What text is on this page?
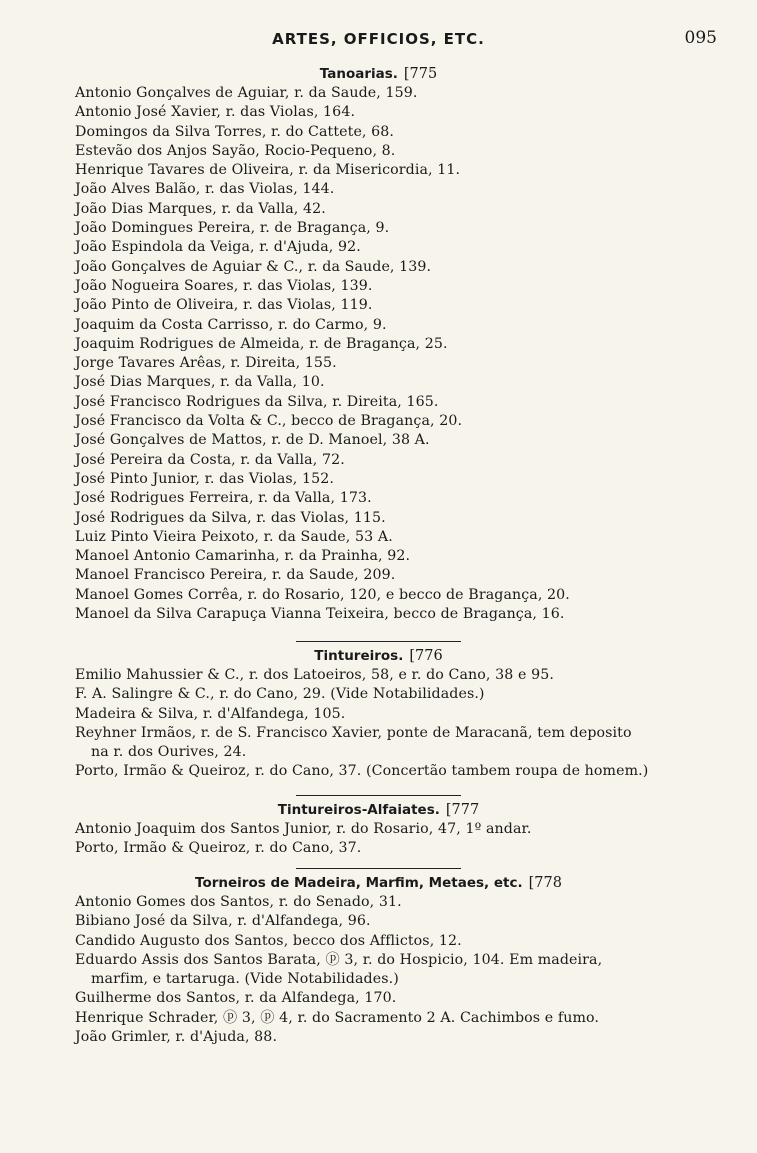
ARTES, OFFICIOS, ETC.	095
Tanoarias. [775
Antonio Gonçalves de Aguiar, r. da Saude, 159.
Antonio José Xavier, r. das Violas, 164.
Domingos da Silva Torres, r. do Cattete, 68.
Estevão dos Anjos Sayão, Rocio-Pequeno, 8.
Henrique Tavares de Oliveira, r. da Misericordia, 11.
João Alves Balão, r. das Violas, 144.
João Dias Marques, r. da Valla, 42.
João Domingues Pereira, r. de Bragança, 9.
João Espindola da Veiga, r. d'Ajuda, 92.
João Gonçalves de Aguiar & C., r. da Saude, 139.
João Nogueira Soares, r. das Violas, 139.
João Pinto de Oliveira, r. das Violas, 119.
Joaquim da Costa Carrisso, r. do Carmo, 9.
Joaquim Rodrigues de Almeida, r. de Bragança, 25.
Jorge Tavares Arêas, r. Direita, 155.
José Dias Marques, r. da Valla, 10.
José Francisco Rodrigues da Silva, r. Direita, 165.
José Francisco da Volta & C., becco de Bragança, 20.
José Gonçalves de Mattos, r. de D. Manoel, 38 A.
José Pereira da Costa, r. da Valla, 72.
José Pinto Junior, r. das Violas, 152.
José Rodrigues Ferreira, r. da Valla, 173.
José Rodrigues da Silva, r. das Violas, 115.
Luiz Pinto Vieira Peixoto, r. da Saude, 53 A.
Manoel Antonio Camarinha, r. da Prainha, 92.
Manoel Francisco Pereira, r. da Saude, 209.
Manoel Gomes Corrêa, r. do Rosario, 120, e becco de Bragança, 20.
Manoel da Silva Carapuça Vianna Teixeira, becco de Bragança, 16.
Tintureiros. [776
Emilio Mahussier & C., r. dos Latoeiros, 58, e r. do Cano, 38 e 95.
F. A. Salingre & C., r. do Cano, 29. (Vide Notabilidades.)
Madeira & Silva, r. d'Alfandega, 105.
Reyhner Irmãos, r. de S. Francisco Xavier, ponte de Maracanã, tem deposito
na r. dos Ourives, 24.
Porto, Irmão & Queiroz, r. do Cano, 37. (Concertão tambem roupa de homem.)
Tintureiros-Alfaiates. [777
Antonio Joaquim dos Santos Junior, r. do Rosario, 47, 1º andar.
Porto, Irmão & Queiroz, r. do Cano, 37.
Torneiros de Madeira, Marfim, Metaes, etc. [778
Antonio Gomes dos Santos, r. do Senado, 31.
Bibiano José da Silva, r. d'Alfandega, 96.
Candido Augusto dos Santos, becco dos Afflictos, 12.
Eduardo Assis dos Santos Barata, ⓟ 3, r. do Hospicio, 104. Em madeira,
marfim, e tartaruga. (Vide Notabilidades.)
Guilherme dos Santos, r. da Alfandega, 170.
Henrique Schrader, ⓟ 3, ⓟ 4, r. do Sacramento 2 A. Cachimbos e fumo.
João Grimler, r. d'Ajuda, 88.
